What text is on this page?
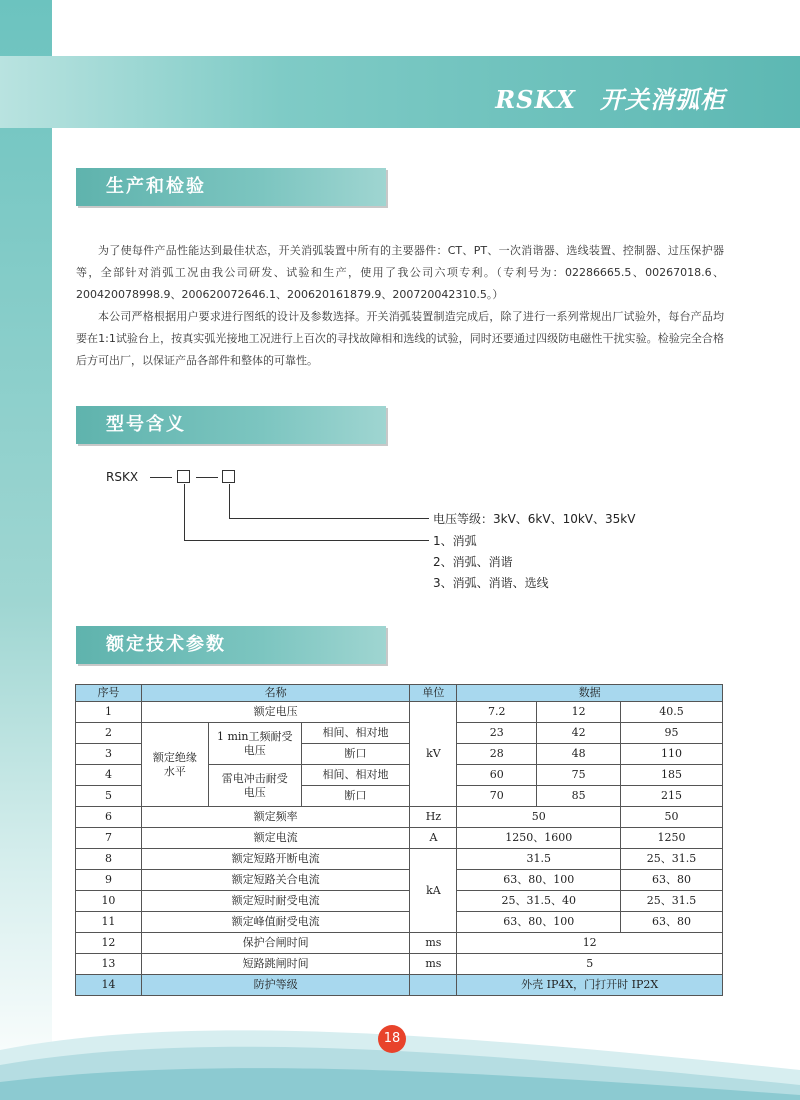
RSKX 开关消弧柜
生产和检验

为了使每件产品性能达到最佳状态，开关消弧装置中所有的主要器件：CT、PT、一次消谐器、选线装置、控制器、过压保护器等，全部针对消弧工况由我公司研发、试验和生产，使用了我公司六项专利。（专利号为：02286665.5、00267018.6、200420078998.9、200620072646.1、200620161879.9、200720042310.5。）

本公司严格根据用户要求进行图纸的设计及参数选择。开关消弧装置制造完成后，除了进行一系列常规出厂试验外，每台产品均要在1:1试验台上，按真实弧光接地工况进行上百次的寻找故障相和选线的试验，同时还要通过四级防电磁性干扰实验。检验完全合格后方可出厂，以保证产品各部件和整体的可靠性。

型号含义
RSKX
电压等级：3kV、6kV、10kV、35kV
1、消弧
2、消弧、消谐
3、消弧、消谐、选线
额定技术参数
序号	名称			单位	数据		
1	额定电压			kV	7.2	12	40.5
2	额定绝缘水平	1 min工频耐受电压	相间、相对地		23	42	95
3			断口		28	48	110
4		雷电冲击耐受电压	相间、相对地		60	75	185
5			断口		70	85	215
6	额定频率			Hz	50		50
7	额定电流			A	1250、1600		1250
8	额定短路开断电流			kA	31.5		25、31.5
9	额定短路关合电流				63、80、100		63、80
10	额定短时耐受电流				25、31.5、40		25、31.5
11	额定峰值耐受电流				63、80、100		63、80
12	保护合闸时间			ms	12		
13	短路跳闸时间			ms	5		
14	防护等级				外壳 IP4X，门打开时 IP2X		
18
